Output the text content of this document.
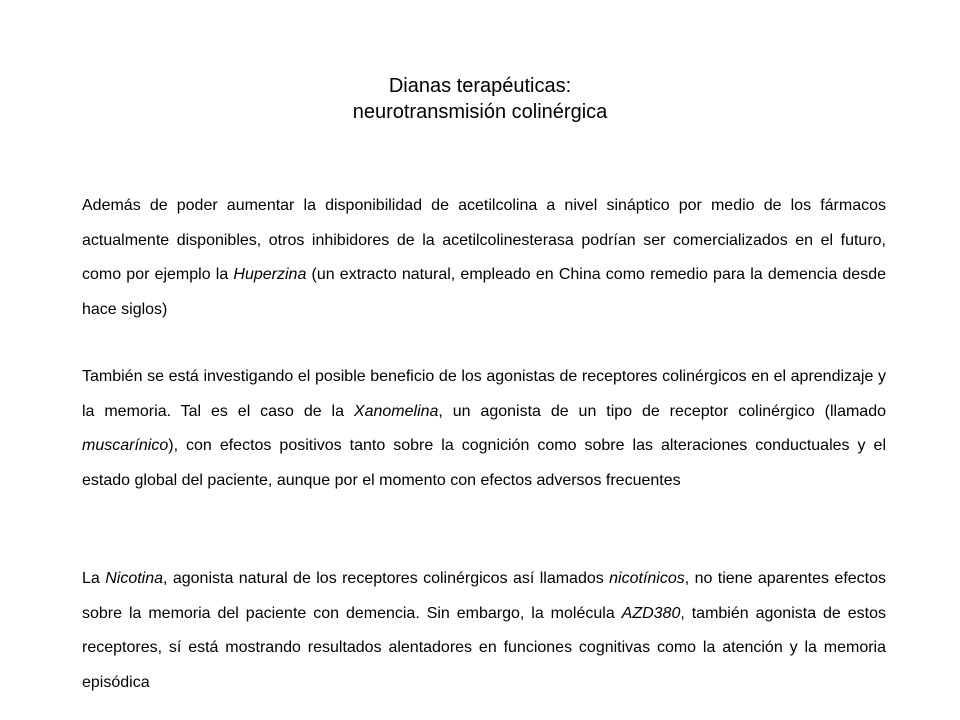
Dianas terapéuticas:
neurotransmisión colinérgica

Además de poder aumentar la disponibilidad de acetilcolina a nivel sináptico por medio de los fármacos actualmente disponibles, otros inhibidores de la acetilcolinesterasa podrían ser comercializados en el futuro, como por ejemplo la Huperzina (un extracto natural, empleado en China como remedio para la demencia desde hace siglos)

También se está investigando el posible beneficio de los agonistas de receptores colinérgicos en el aprendizaje y la memoria. Tal es el caso de la Xanomelina, un agonista de un tipo de receptor colinérgico (llamado muscarínico), con efectos positivos tanto sobre la cognición como sobre las alteraciones conductuales y el estado global del paciente, aunque por el momento con efectos adversos frecuentes

La Nicotina, agonista natural de los receptores colinérgicos así llamados nicotínicos, no tiene aparentes efectos sobre la memoria del paciente con demencia. Sin embargo, la molécula AZD380, también agonista de estos receptores, sí está mostrando resultados alentadores en funciones cognitivas como la atención y la memoria episódica
